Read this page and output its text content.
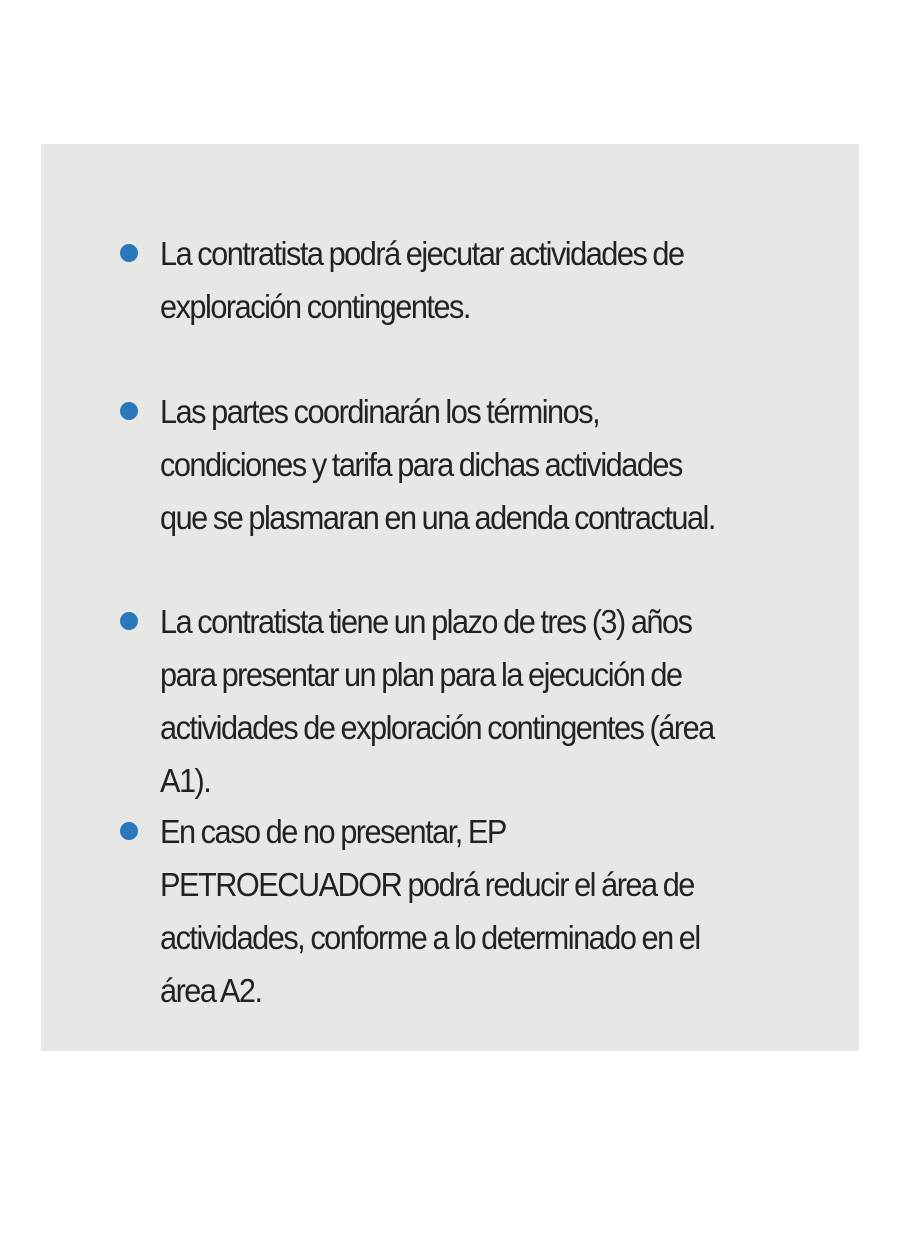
La contratista podrá ejecutar actividades de exploración contingentes.

Las partes coordinarán los términos, condiciones y tarifa para dichas actividades que se plasmaran en una adenda contractual.

La contratista tiene un plazo de tres (3) años para presentar un plan para la ejecución de actividades de exploración contingentes (área A1).

En caso de no presentar, EP PETROECUADOR podrá reducir el área de actividades, conforme a lo determinado en el área A2.
